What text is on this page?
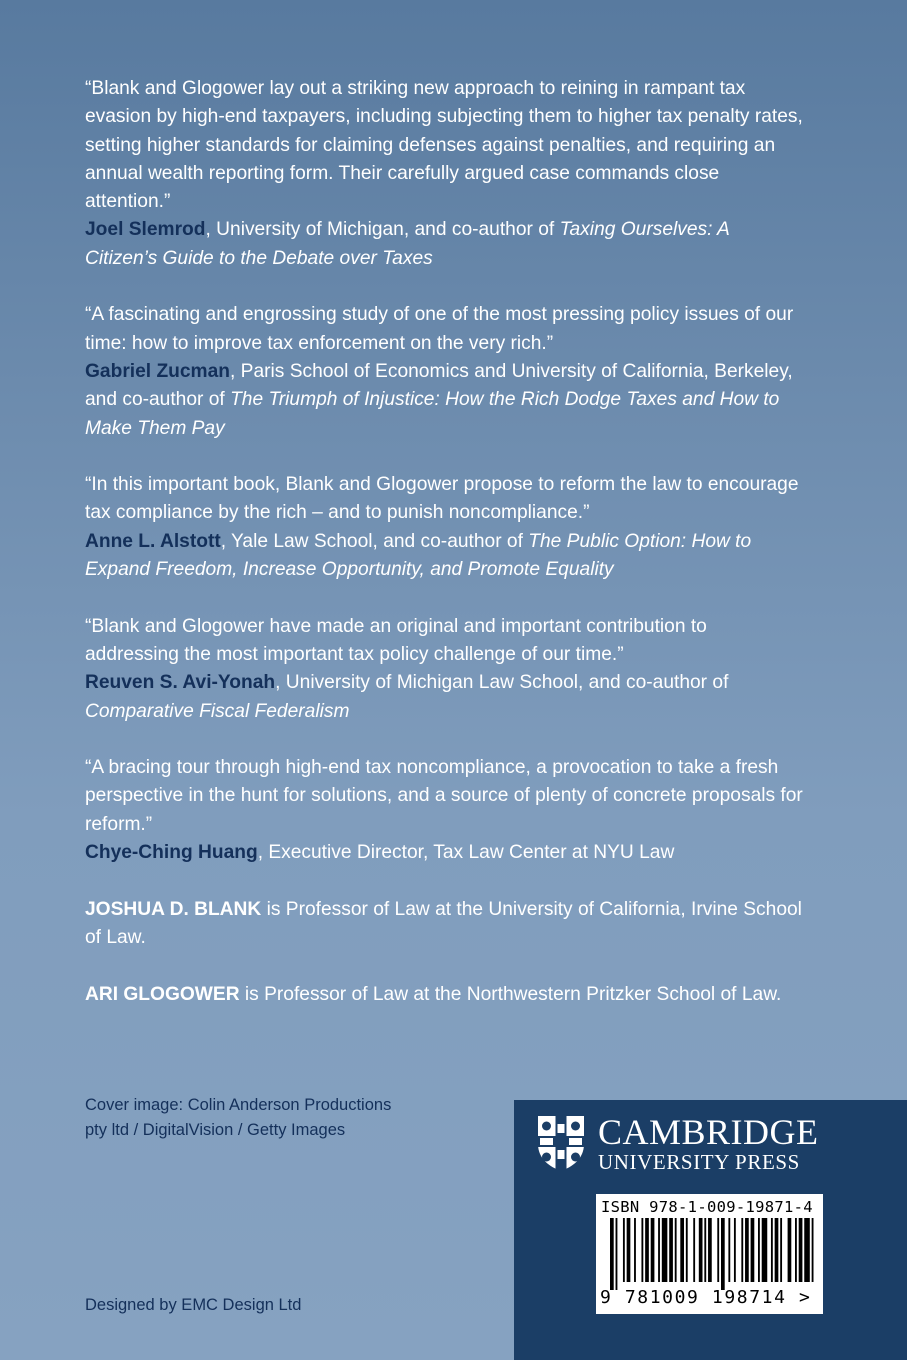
“Blank and Glogower lay out a striking new approach to reining in rampant tax evasion by high-end taxpayers, including subjecting them to higher tax penalty rates, setting higher standards for claiming defenses against penalties, and requiring an annual wealth reporting form. Their carefully argued case commands close attention.”
Joel Slemrod, University of Michigan, and co-author of Taxing Ourselves: A Citizen’s Guide to the Debate over Taxes
“A fascinating and engrossing study of one of the most pressing policy issues of our time: how to improve tax enforcement on the very rich.”
Gabriel Zucman, Paris School of Economics and University of California, Berkeley, and co-author of The Triumph of Injustice: How the Rich Dodge Taxes and How to Make Them Pay
“In this important book, Blank and Glogower propose to reform the law to encourage tax compliance by the rich – and to punish noncompliance.”
Anne L. Alstott, Yale Law School, and co-author of The Public Option: How to Expand Freedom, Increase Opportunity, and Promote Equality
“Blank and Glogower have made an original and important contribution to addressing the most important tax policy challenge of our time.”
Reuven S. Avi-Yonah, University of Michigan Law School, and co-author of Comparative Fiscal Federalism
“A bracing tour through high-end tax noncompliance, a provocation to take a fresh perspective in the hunt for solutions, and a source of plenty of concrete proposals for reform.”
Chye-Ching Huang, Executive Director, Tax Law Center at NYU Law
JOSHUA D. BLANK is Professor of Law at the University of California, Irvine School of Law.
ARI GLOGOWER is Professor of Law at the Northwestern Pritzker School of Law.
Cover image: Colin Anderson Productions pty ltd / DigitalVision / Getty Images
Designed by EMC Design Ltd
CAMBRIDGE
UNIVERSITY PRESS
ISBN 978-1-009-19871-4
9 781009 198714 >
